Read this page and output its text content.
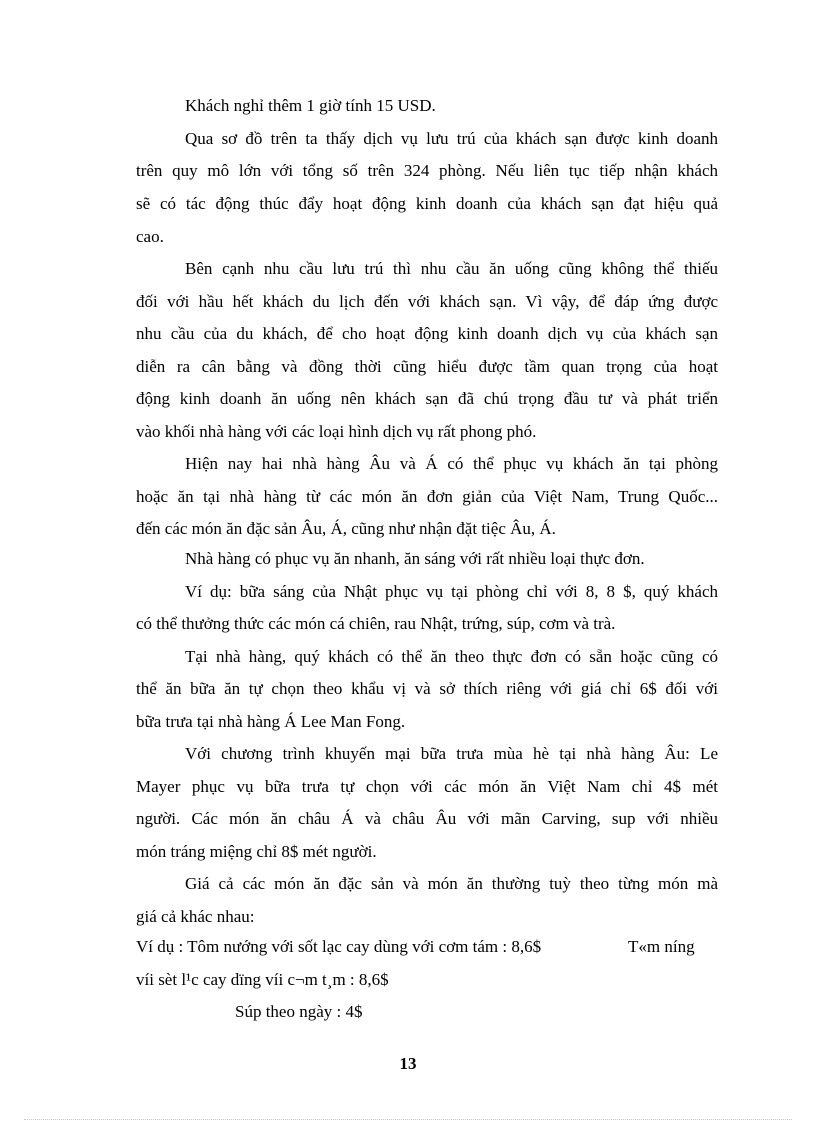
Khách nghỉ thêm 1 giờ tính 15 USD.
Qua sơ đồ trên ta thấy dịch vụ lưu trú của khách sạn được kinh doanh
trên quy mô lớn với tổng số trên 324 phòng. Nếu liên tục tiếp nhận khách
sẽ có tác động thúc đẩy hoạt động kinh doanh của khách sạn đạt hiệu quả
cao.
Bên cạnh nhu cầu lưu trú thì nhu cầu ăn uống cũng không thể thiếu
đối với hầu hết khách du lịch đến với khách sạn. Vì vậy, để đáp ứng được
nhu cầu của du khách, để cho hoạt động kinh doanh dịch vụ của khách sạn
diễn ra cân bằng và đồng thời cũng hiểu được tầm quan trọng của hoạt
động kinh doanh ăn uống nên khách sạn đã chú trọng đầu tư và phát triển
vào khối nhà hàng với các loại hình dịch vụ rất phong phó.
Hiện nay hai nhà hàng Âu và Á có thể phục vụ khách ăn tại phòng
hoặc ăn tại nhà hàng từ các món ăn đơn giản của Việt Nam, Trung Quốc...
đến các món ăn đặc sản Âu, Á, cũng như nhận đặt tiệc Âu, Á.
Nhà hàng có phục vụ ăn nhanh, ăn sáng với rất nhiều loại thực đơn.
Ví dụ: bữa sáng của Nhật phục vụ tại phòng chỉ với 8, 8 $, quý khách
có thể thưởng thức các món cá chiên, rau Nhật, trứng, súp, cơm và trà.
Tại nhà hàng, quý khách có thể ăn theo thực đơn có sẵn hoặc cũng có
thể ăn bữa ăn tự chọn theo khẩu vị và sở thích riêng với giá chỉ 6$ đối với
bữa trưa tại nhà hàng Á Lee Man Fong.
Với chương trình khuyến mại bữa trưa mùa hè tại nhà hàng Âu: Le
Mayer phục vụ bữa trưa tự chọn với các món ăn Việt Nam chỉ 4$ mét
người. Các món ăn châu Á và châu Âu với mãn Carving, sup với nhiều
món tráng miệng chỉ 8$ mét người.
Giá cả các món ăn đặc sản và món ăn thường tuỳ theo từng món mà
giá cả khác nhau:
Ví dụ : Tôm nướng với sốt lạc cay dùng với cơm tám : 8,6$	T«m níng
víi sèt l¹c cay dïng víi c¬m t¸m : 8,6$
Súp theo ngày : 4$
13
